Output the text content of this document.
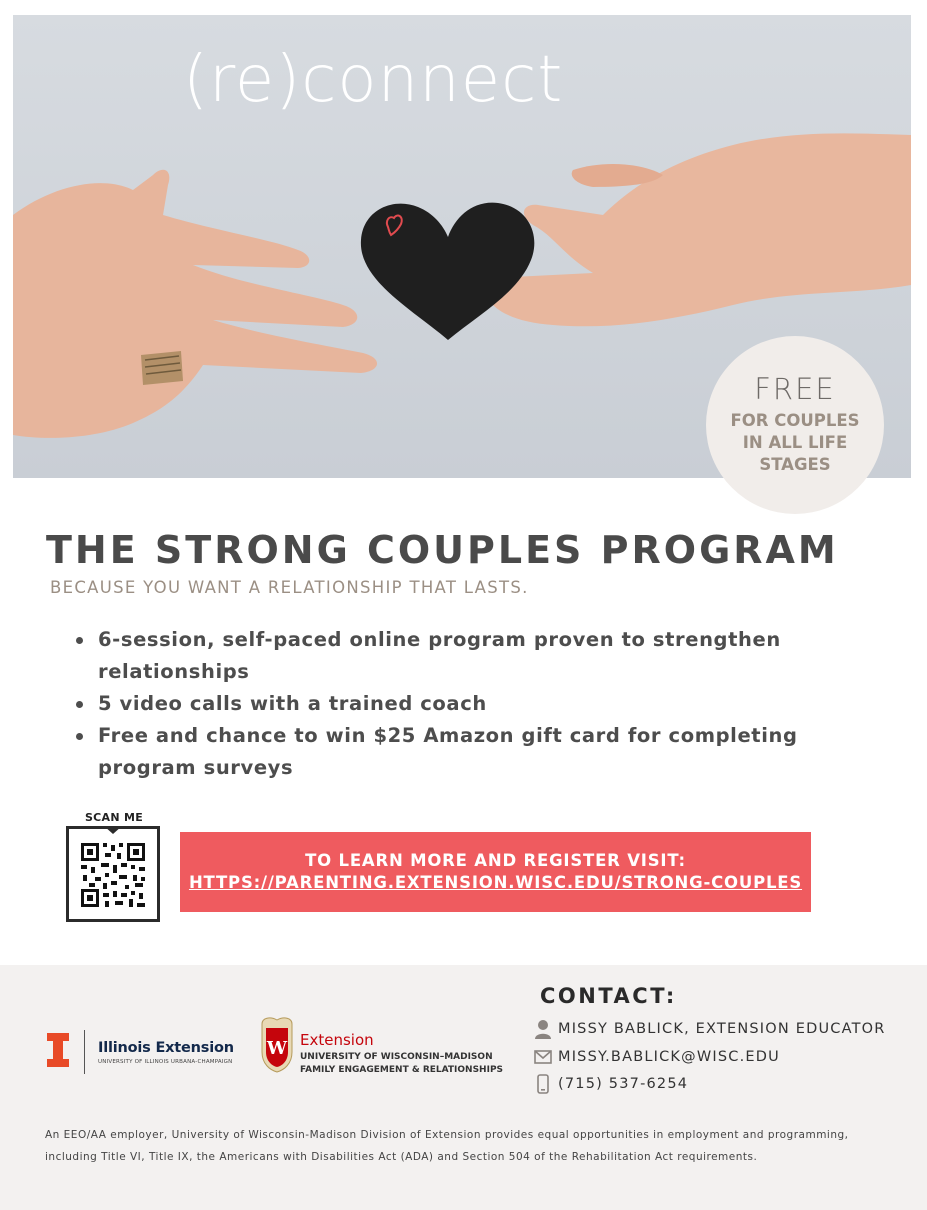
(re)connect
FREE
FOR COUPLES
IN ALL LIFE
STAGES
THE STRONG COUPLES PROGRAM
BECAUSE YOU WANT A RELATIONSHIP THAT LASTS.
6-session, self-paced online program proven to strengthen relationships
5 video calls with a trained coach
Free and chance to win $25 Amazon gift card for completing program surveys
SCAN ME
TO LEARN MORE AND REGISTER VISIT:
HTTPS://PARENTING.EXTENSION.WISC.EDU/STRONG-COUPLES
Illinois Extension
UNIVERSITY OF ILLINOIS URBANA-CHAMPAIGN
W Extension
UNIVERSITY OF WISCONSIN–MADISON
FAMILY ENGAGEMENT & RELATIONSHIPS
CONTACT:
MISSY BABLICK, EXTENSION EDUCATOR
MISSY.BABLICK@WISC.EDU
(715) 537-6254
An EEO/AA employer, University of Wisconsin-Madison Division of Extension provides equal opportunities in employment and programming, including Title VI, Title IX, the Americans with Disabilities Act (ADA) and Section 504 of the Rehabilitation Act requirements.
